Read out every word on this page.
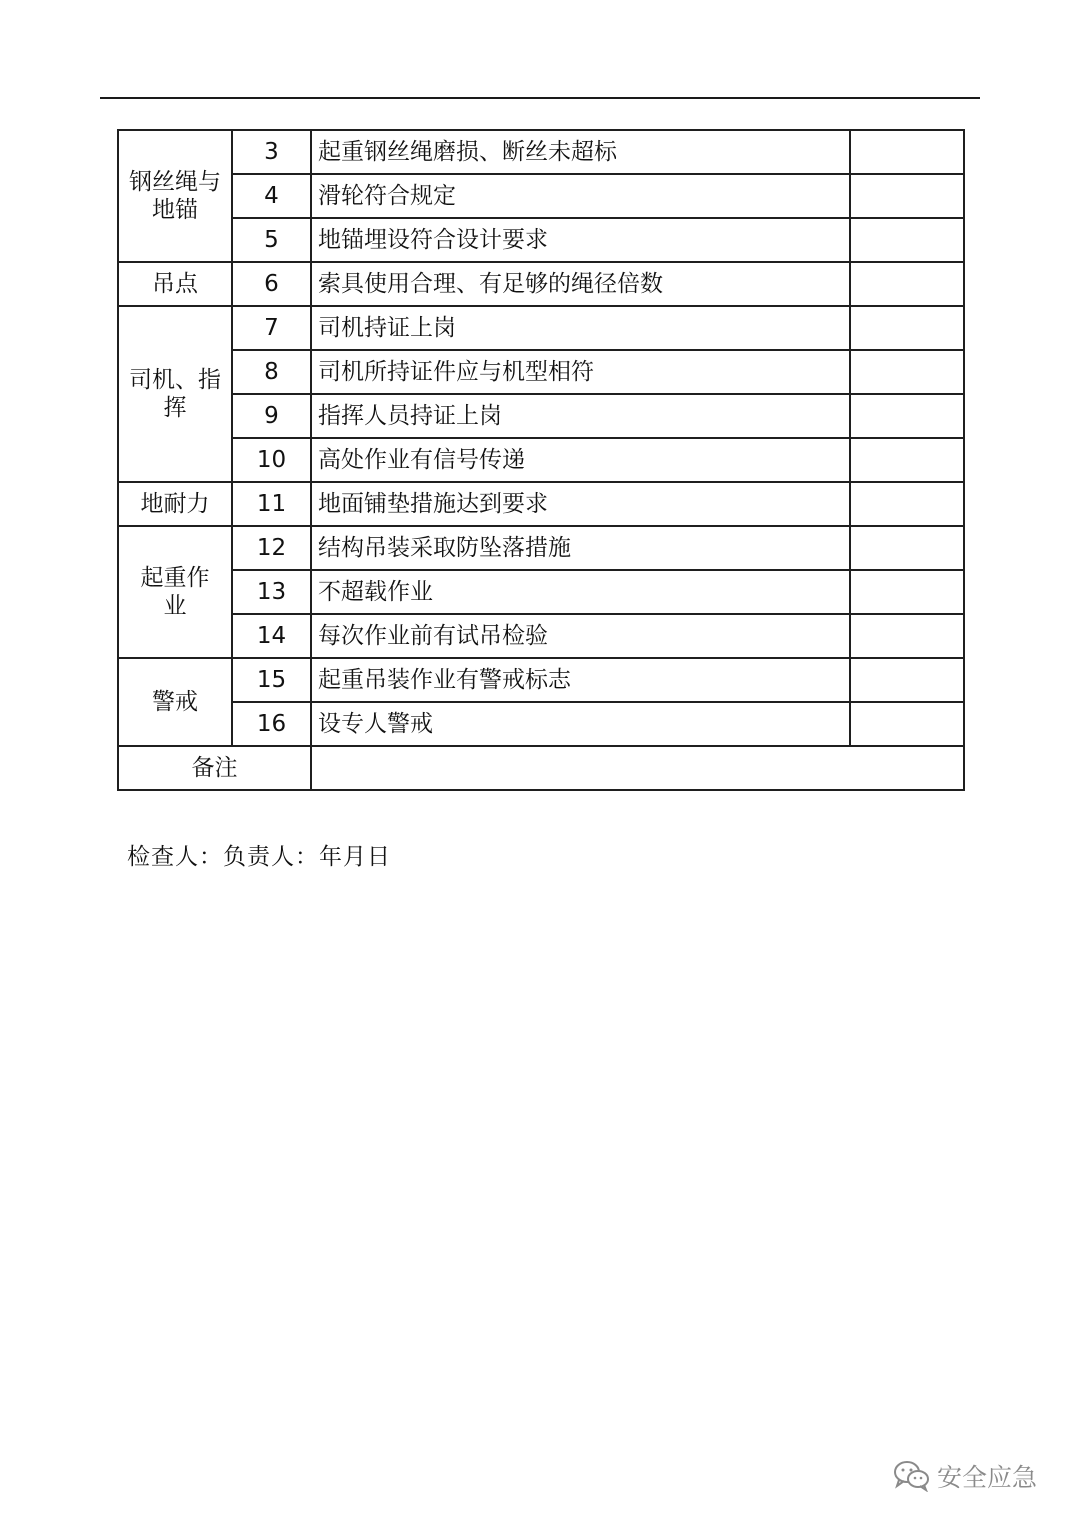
钢丝绳与
地锚	3	起重钢丝绳磨损、断丝未超标	
	4	滑轮符合规定	
	5	地锚埋设符合设计要求	
吊点	6	索具使用合理、有足够的绳径倍数	
司机、指
挥	7	司机持证上岗	
	8	司机所持证件应与机型相符	
	9	指挥人员持证上岗	
	10	高处作业有信号传递	
地耐力	11	地面铺垫措施达到要求	
起重作
业	12	结构吊装采取防坠落措施	
	13	不超载作业	
	14	每次作业前有试吊检验	
警戒	15	起重吊装作业有警戒标志	
	16	设专人警戒	
备注			
检查人：负责人：年月日
安全应急
